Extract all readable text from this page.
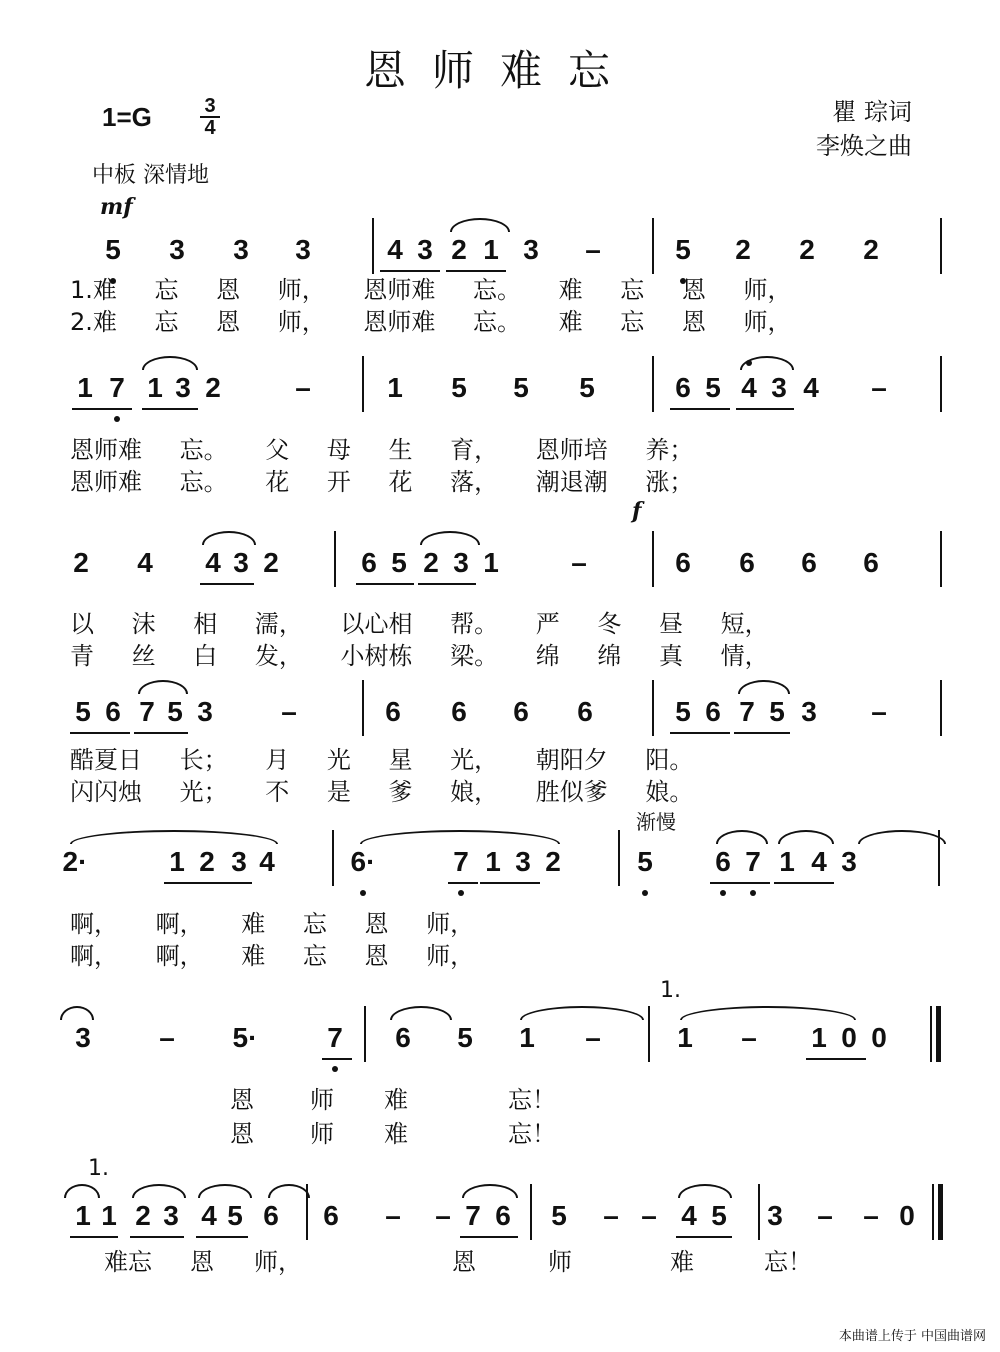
恩师难忘
1=G	3
4
瞿 琮词
李焕之曲
中板 深情地
mf
f
渐慢
1.
1.
本曲谱上传于 中国曲谱网
5 3 3 3	4 3 2 1 3 –	5 2 2 2
1.难 忘 恩 师， 恩师难 忘。 难 忘 恩 师，
2.难 忘 恩 师， 恩师难 忘。 难 忘 恩 师，
1 7 1 3 2	–	1 5 5 5	6 5 4 3 4 –
恩师难 忘。 父 母 生 育， 恩师培 养；
恩师难 忘。 花 开 花 落， 潮退潮 涨；
2 4 4 3 2	6 5 2 3 1	–	6 6 6 6
以 沫 相 濡， 以心相 帮。 严 冬 昼 短，
青 丝 白 发， 小树栋 梁。 绵 绵 真 情，
5 6 7 5 3 –	6 6 6 6	5 6 7 5 3 –
酷夏日 长； 月 光 星 光， 朝阳夕 阳。
闪闪烛 光； 不 是 爹 娘， 胜似爹 娘。
2·	1 2 3 4	6·	7 1 3 2	5 6 7 1 4 3
啊， 啊， 难 忘 恩 师，
啊， 啊， 难 忘 恩 师，
3 – 5· 7 6 5 1 –	1 – 1 0 0
恩 师 难	忘！
恩 师 难	忘！
1 1 2 3 4 5 6 6 – – 7 6 5 – – 4 5 3 – – 0
难忘 恩 师，	恩	师	难	忘！
